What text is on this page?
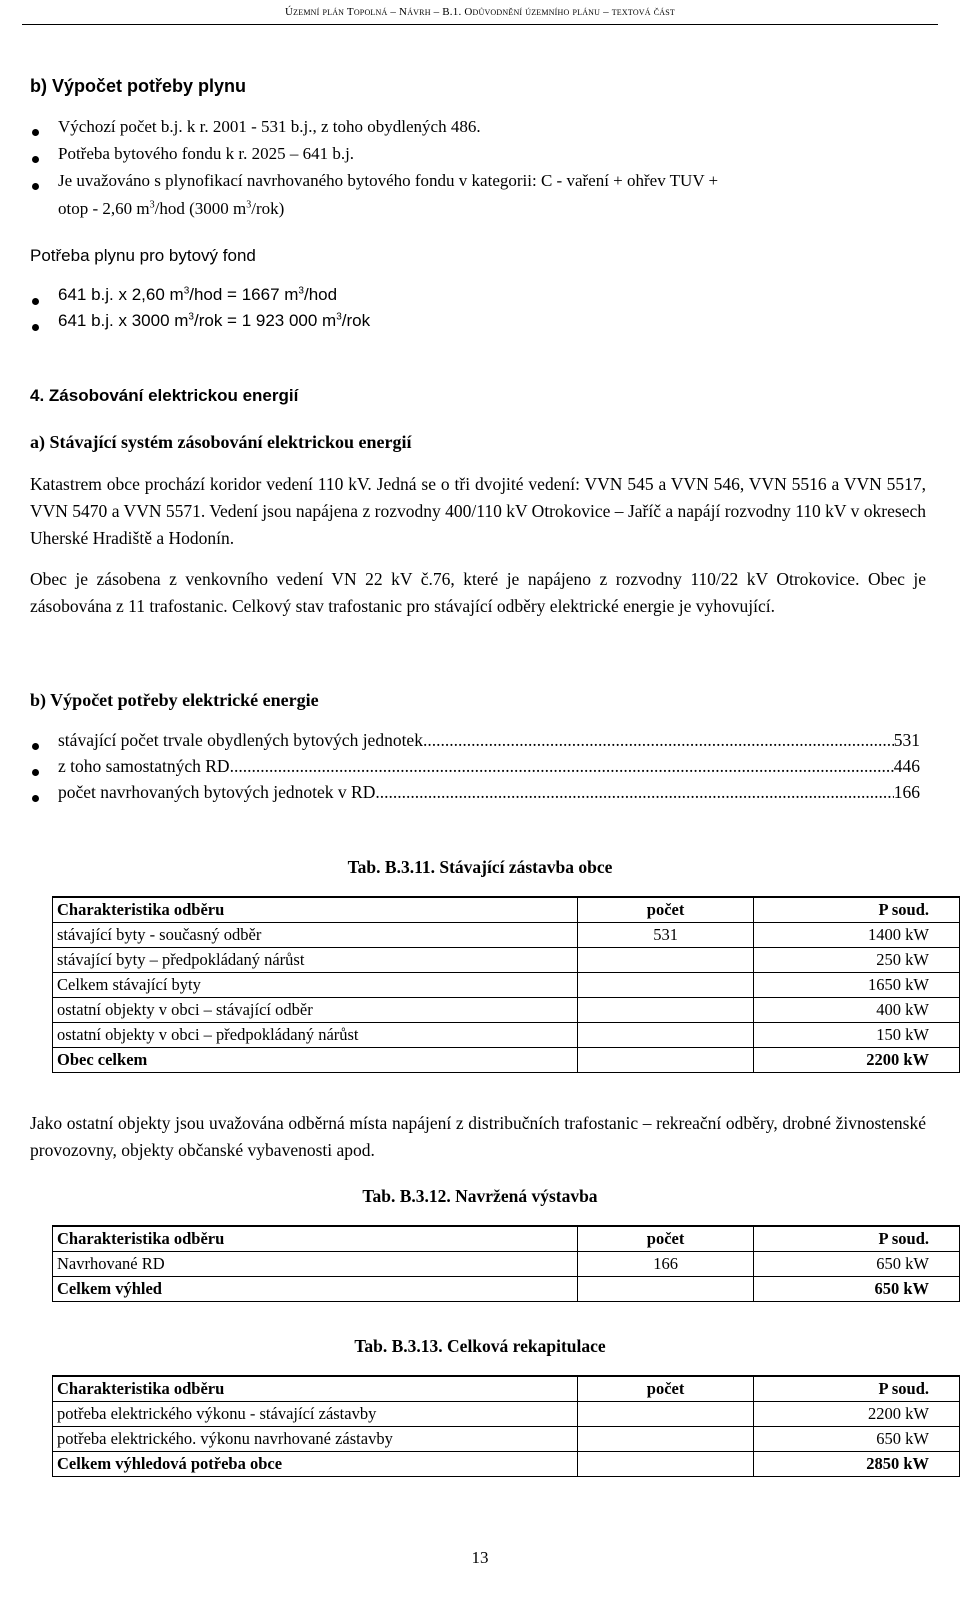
Územní plán Topolná – Návrh – B.1. Odůvodnění územního plánu – textová část
b) Výpočet potřeby plynu
Výchozí počet b.j. k r. 2001 - 531 b.j., z toho obydlených 486.
Potřeba bytového fondu k r. 2025 – 641 b.j.
Je uvažováno s plynofikací navrhovaného bytového fondu v kategorii: C - vaření + ohřev TUV +
otop - 2,60 $m^3$/hod (3000 $m^3/rok$)
Potřeba plynu pro bytový fond
641 b.j. x 2,60 $m^3$/hod = 1667 $m^3$/hod
641 b.j. x 3000 $m^3$/rok = 1 923 000 $m^3$/rok
4. Zásobování elektrickou energií
a) Stávající systém zásobování elektrickou energií
Katastrem obce prochází koridor vedení 110 kV. Jedná se o tři dvojité vedení: VVN 545 a VVN 546, VVN 5516 a VVN 5517, VVN 5470 a VVN 5571. Vedení jsou napájena z rozvodny 400/110 kV Otrokovice – Jaříč a napájí rozvodny 110 kV v okresech Uherské Hradiště a Hodonín.
Obec je zásobena z venkovního vedení VN 22 kV č.76, které je napájeno z rozvodny 110/22 kV Otrokovice. Obec je zásobována z 11 trafostanic. Celkový stav trafostanic pro stávající odběry elektrické energie je vyhovující.
b) Výpočet potřeby elektrické energie
stávající počet trvale obydlených bytových jednotek .....	531
z toho samostatných RD .....	446
počet navrhovaných bytových jednotek v RD .....	166
Tab. B.3.11. Stávající zástavba obce
Charakteristika odběru	počet	P soud.
stávající byty - současný odběr	531	1400 kW
stávající byty – předpokládaný nárůst		250 kW
Celkem stávající byty		1650 kW
ostatní objekty v obci – stávající odběr		400 kW
ostatní objekty v obci – předpokládaný nárůst		150 kW
Obec celkem		2200 kW
Jako ostatní objekty jsou uvažována odběrná místa napájení z distribučních trafostanic – rekreační odběry, drobné živnostenské provozovny, objekty občanské vybavenosti apod.
Tab. B.3.12. Navržená výstavba
Charakteristika odběru	počet	P soud.
Navrhované RD	166	650 kW
Celkem výhled		650 kW
Tab. B.3.13. Celková rekapitulace
Charakteristika odběru	počet	P soud.
potřeba elektrického výkonu - stávající zástavby		2200 kW
potřeba elektrického. výkonu navrhované zástavby		650 kW
Celkem výhledová potřeba obce		2850 kW
13
